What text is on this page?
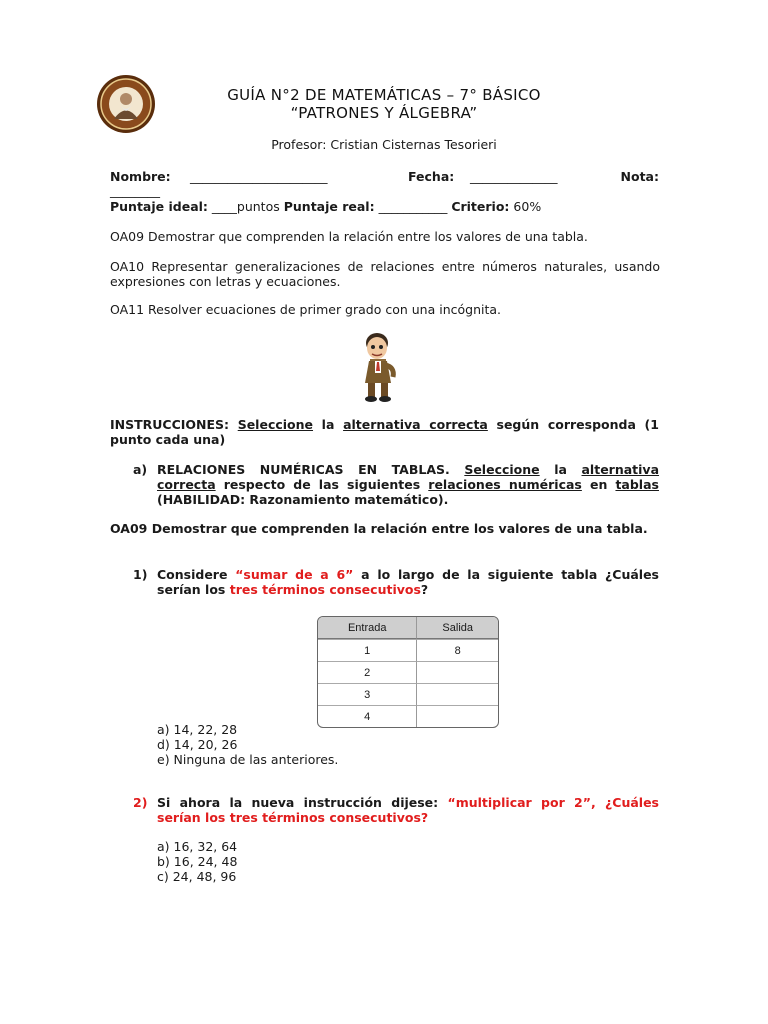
GUÍA N°2 DE MATEMÁTICAS – 7° BÁSICO
“PATRONES Y ÁLGEBRA”
Profesor: Cristian Cisternas Tesorieri
Nombre: ______________________	Fecha: ______________	Nota:
________
Puntaje ideal: ____puntos Puntaje real: ___________ Criterio: 60%
OA09 Demostrar que comprenden la relación entre los valores de una tabla.
OA10 Representar generalizaciones de relaciones entre números naturales, usando expresiones con letras y ecuaciones.
OA11 Resolver ecuaciones de primer grado con una incógnita.
INSTRUCCIONES: Seleccione la alternativa correcta según corresponda (1 punto cada una)
a) RELACIONES NUMÉRICAS EN TABLAS. Seleccione la alternativa correcta respecto de las siguientes relaciones numéricas en tablas (HABILIDAD: Razonamiento matemático).
OA09 Demostrar que comprenden la relación entre los valores de una tabla.
1) Considere “sumar de a 6” a lo largo de la siguiente tabla ¿Cuáles serían los tres términos consecutivos?
Entrada	Salida
1	8
2	
3	
4	
a) 14, 22, 28
d) 14, 20, 26
e) Ninguna de las anteriores.
2) Si ahora la nueva instrucción dijese: “multiplicar por 2”, ¿Cuáles serían los tres términos consecutivos?
a) 16, 32, 64
b) 16, 24, 48
c) 24, 48, 96
